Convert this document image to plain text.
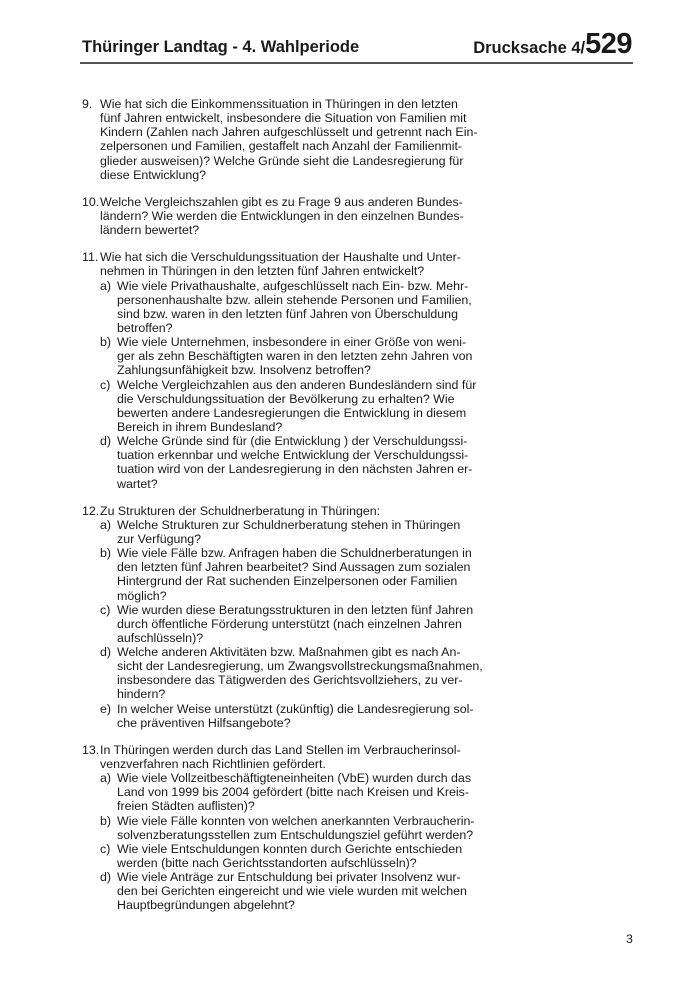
Thüringer Landtag - 4. Wahlperiode	Drucksache 4/529
9. Wie hat sich die Einkommenssituation in Thüringen in den letzten
fünf Jahren entwickelt, insbesondere die Situation von Familien mit
Kindern (Zahlen nach Jahren aufgeschlüsselt und getrennt nach Ein-
zelpersonen und Familien, gestaffelt nach Anzahl der Familienmit-
glieder ausweisen)? Welche Gründe sieht die Landesregierung für
diese Entwicklung?
10. Welche Vergleichszahlen gibt es zu Frage 9 aus anderen Bundes-
ländern? Wie werden die Entwicklungen in den einzelnen Bundes-
ländern bewertet?
11. Wie hat sich die Verschuldungssituation der Haushalte und Unter-
nehmen in Thüringen in den letzten fünf Jahren entwickelt?
a) Wie viele Privathaushalte, aufgeschlüsselt nach Ein- bzw. Mehr-
personenhaushalte bzw. allein stehende Personen und Familien,
sind bzw. waren in den letzten fünf Jahren von Überschuldung
betroffen?
b) Wie viele Unternehmen, insbesondere in einer Größe von weni-
ger als zehn Beschäftigten waren in den letzten zehn Jahren von
Zahlungsunfähigkeit bzw. Insolvenz betroffen?
c) Welche Vergleichzahlen aus den anderen Bundesländern sind für
die Verschuldungssituation der Bevölkerung zu erhalten? Wie
bewerten andere Landesregierungen die Entwicklung in diesem
Bereich in ihrem Bundesland?
d) Welche Gründe sind für (die Entwicklung ) der Verschuldungssi-
tuation erkennbar und welche Entwicklung der Verschuldungssi-
tuation wird von der Landesregierung in den nächsten Jahren er-
wartet?
12. Zu Strukturen der Schuldnerberatung in Thüringen:
a) Welche Strukturen zur Schuldnerberatung stehen in Thüringen
zur Verfügung?
b) Wie viele Fälle bzw. Anfragen haben die Schuldnerberatungen in
den letzten fünf Jahren bearbeitet? Sind Aussagen zum sozialen
Hintergrund der Rat suchenden Einzelpersonen oder Familien
möglich?
c) Wie wurden diese Beratungsstrukturen in den letzten fünf Jahren
durch öffentliche Förderung unterstützt (nach einzelnen Jahren
aufschlüsseln)?
d) Welche anderen Aktivitäten bzw. Maßnahmen gibt es nach An-
sicht der Landesregierung, um Zwangsvollstreckungsmaßnahmen,
insbesondere das Tätigwerden des Gerichtsvollziehers, zu ver-
hindern?
e) In welcher Weise unterstützt (zukünftig) die Landesregierung sol-
che präventiven Hilfsangebote?
13. In Thüringen werden durch das Land Stellen im Verbraucherinsol-
venzverfahren nach Richtlinien gefördert.
a) Wie viele Vollzeitbeschäftigteneinheiten (VbE) wurden durch das
Land von 1999 bis 2004 gefördert (bitte nach Kreisen und Kreis-
freien Städten auflisten)?
b) Wie viele Fälle konnten von welchen anerkannten Verbraucherin-
solvenzberatungsstellen zum Entschuldungsziel geführt werden?
c) Wie viele Entschuldungen konnten durch Gerichte entschieden
werden (bitte nach Gerichtsstandorten aufschlüsseln)?
d) Wie viele Anträge zur Entschuldung bei privater Insolvenz wur-
den bei Gerichten eingereicht und wie viele wurden mit welchen
Hauptbegründungen abgelehnt?
3
